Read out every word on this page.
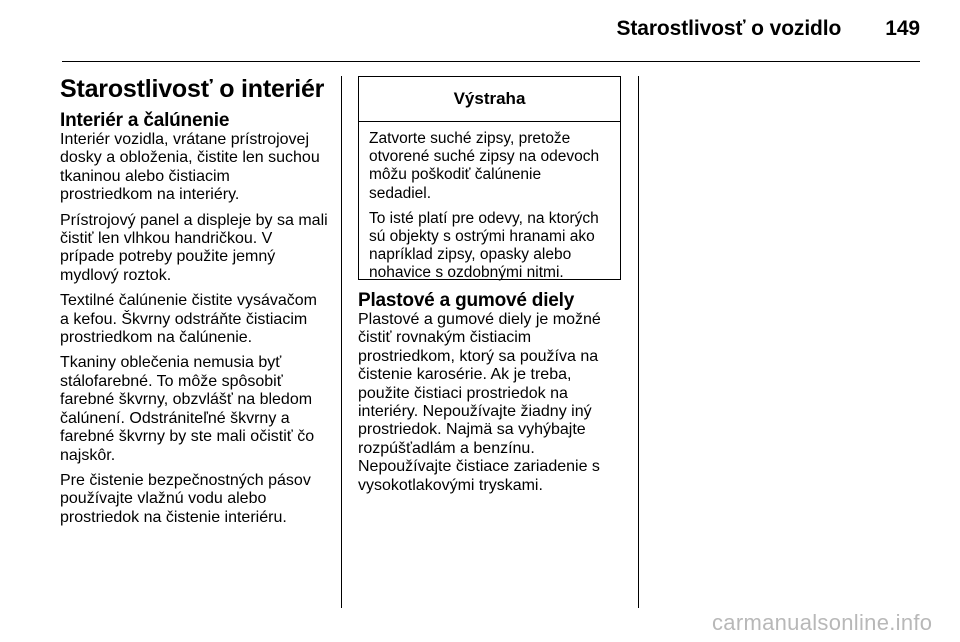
Starostlivosť o vozidlo 149
Starostlivosť o interiér
Interiér a čalúnenie

Interiér vozidla, vrátane prístrojovej
dosky a obloženia, čistite len suchou
tkaninou alebo čistiacim
prostriedkom na interiéry.

Prístrojový panel a displeje by sa mali
čistiť len vlhkou handričkou. V
prípade potreby použite jemný
mydlový roztok.

Textilné čalúnenie čistite vysávačom
a kefou. Škvrny odstráňte čistiacim
prostriedkom na čalúnenie.

Tkaniny oblečenia nemusia byť
stálofarebné. To môže spôsobiť
farebné škvrny, obzvlášť na bledom
čalúnení. Odstrániteľné škvrny a
farebné škvrny by ste mali očistiť čo
najskôr.

Pre čistenie bezpečnostných pásov
používajte vlažnú vodu alebo
prostriedok na čistenie interiéru.

Výstraha

Zatvorte suché zipsy, pretože
otvorené suché zipsy na odevoch
môžu poškodiť čalúnenie
sedadiel.

To isté platí pre odevy, na ktorých
sú objekty s ostrými hranami ako
napríklad zipsy, opasky alebo
nohavice s ozdobnými nitmi.

Plastové a gumové diely

Plastové a gumové diely je možné
čistiť rovnakým čistiacim
prostriedkom, ktorý sa používa na
čistenie karosérie. Ak je treba,
použite čistiaci prostriedok na
interiéry. Nepoužívajte žiadny iný
prostriedok. Najmä sa vyhýbajte
rozpúšťadlám a benzínu.
Nepoužívajte čistiace zariadenie s
vysokotlakovými tryskami.

carmanualsonline.info
